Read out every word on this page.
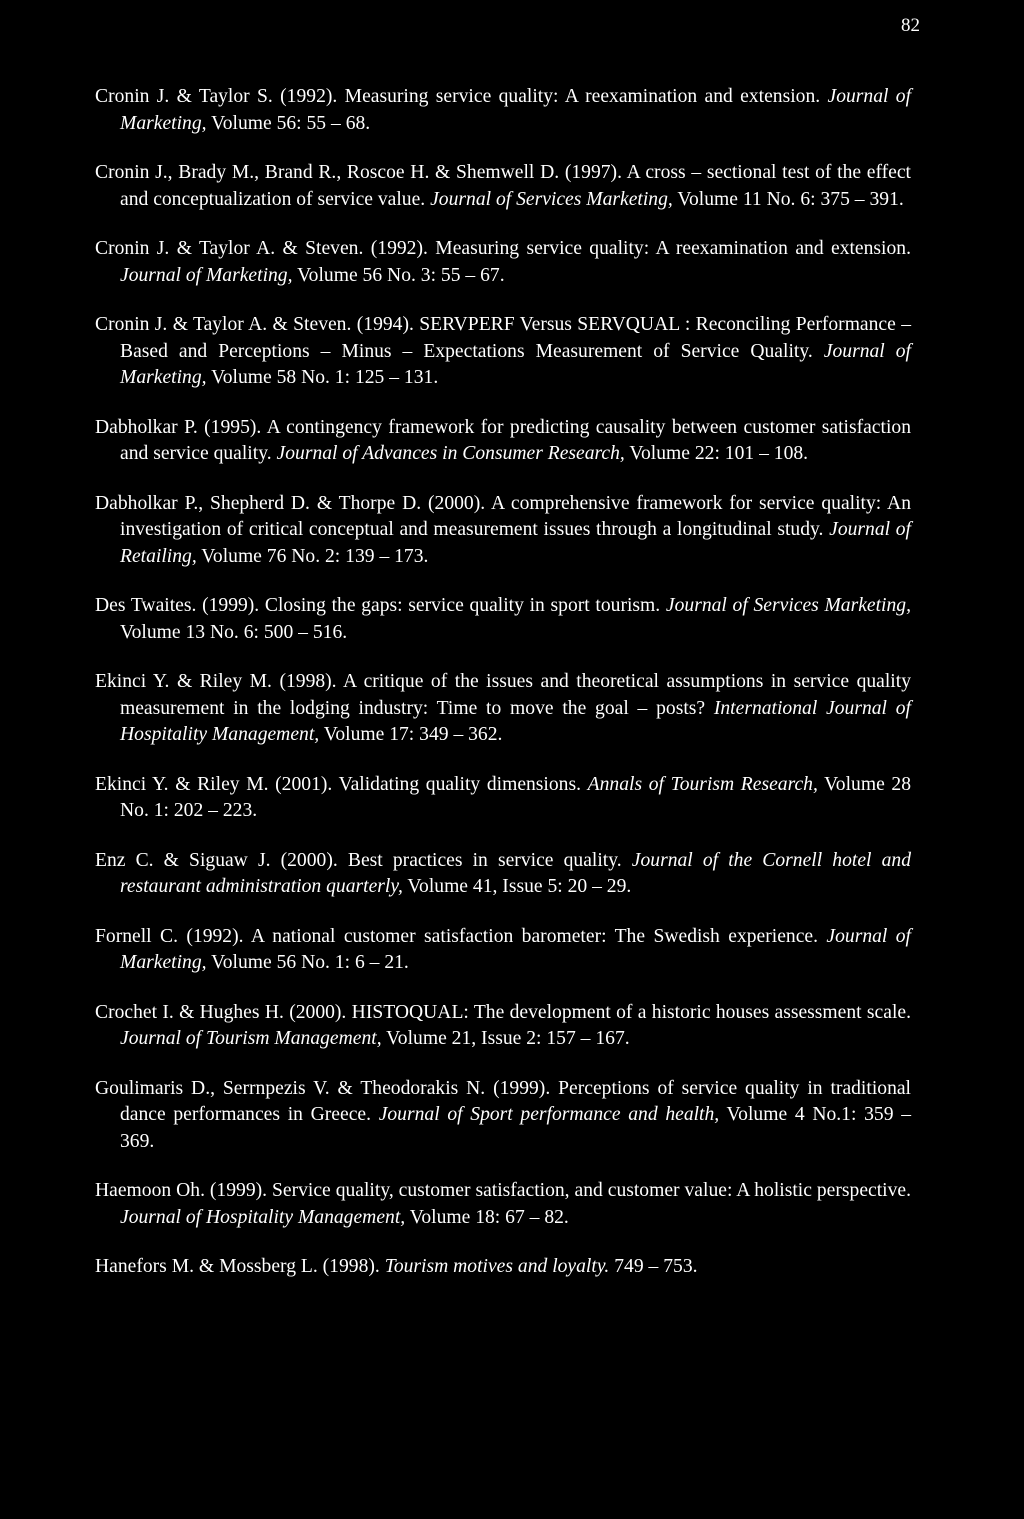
82

Cronin J. & Taylor S. (1992). Measuring service quality: A reexamination and extension. Journal of Marketing, Volume 56: 55 – 68.

Cronin J., Brady M., Brand R., Roscoe H. & Shemwell D. (1997). A cross – sectional test of the effect and conceptualization of service value. Journal of Services Marketing, Volume 11 No. 6: 375 – 391.

Cronin J. & Taylor A. & Steven. (1992). Measuring service quality: A reexamination and extension. Journal of Marketing, Volume 56 No. 3: 55 – 67.

Cronin J. & Taylor A. & Steven. (1994). SERVPERF Versus SERVQUAL : Reconciling Performance – Based and Perceptions – Minus – Expectations Measurement of Service Quality. Journal of Marketing, Volume 58 No. 1: 125 – 131.

Dabholkar P. (1995). A contingency framework for predicting causality between customer satisfaction and service quality. Journal of Advances in Consumer Research, Volume 22: 101 – 108.

Dabholkar P., Shepherd D. & Thorpe D. (2000). A comprehensive framework for service quality: An investigation of critical conceptual and measurement issues through a longitudinal study. Journal of Retailing, Volume 76 No. 2: 139 – 173.

Des Twaites. (1999). Closing the gaps: service quality in sport tourism. Journal of Services Marketing, Volume 13 No. 6: 500 – 516.

Ekinci Y. & Riley M. (1998). A critique of the issues and theoretical assumptions in service quality measurement in the lodging industry: Time to move the goal – posts? International Journal of Hospitality Management, Volume 17: 349 – 362.

Ekinci Y. & Riley M. (2001). Validating quality dimensions. Annals of Tourism Research, Volume 28 No. 1: 202 – 223.

Enz C. & Siguaw J. (2000). Best practices in service quality. Journal of the Cornell hotel and restaurant administration quarterly, Volume 41, Issue 5: 20 – 29.

Fornell C. (1992). A national customer satisfaction barometer: The Swedish experience. Journal of Marketing, Volume 56 No. 1: 6 – 21.

Crochet I. & Hughes H. (2000). HISTOQUAL: The development of a historic houses assessment scale. Journal of Tourism Management, Volume 21, Issue 2: 157 – 167.

Goulimaris D., Serrnpezis V. & Theodorakis N. (1999). Perceptions of service quality in traditional dance performances in Greece. Journal of Sport performance and health, Volume 4 No.1: 359 – 369.

Haemoon Oh. (1999). Service quality, customer satisfaction, and customer value: A holistic perspective. Journal of Hospitality Management, Volume 18: 67 – 82.

Hanefors M. & Mossberg L. (1998). Tourism motives and loyalty. 749 – 753.
